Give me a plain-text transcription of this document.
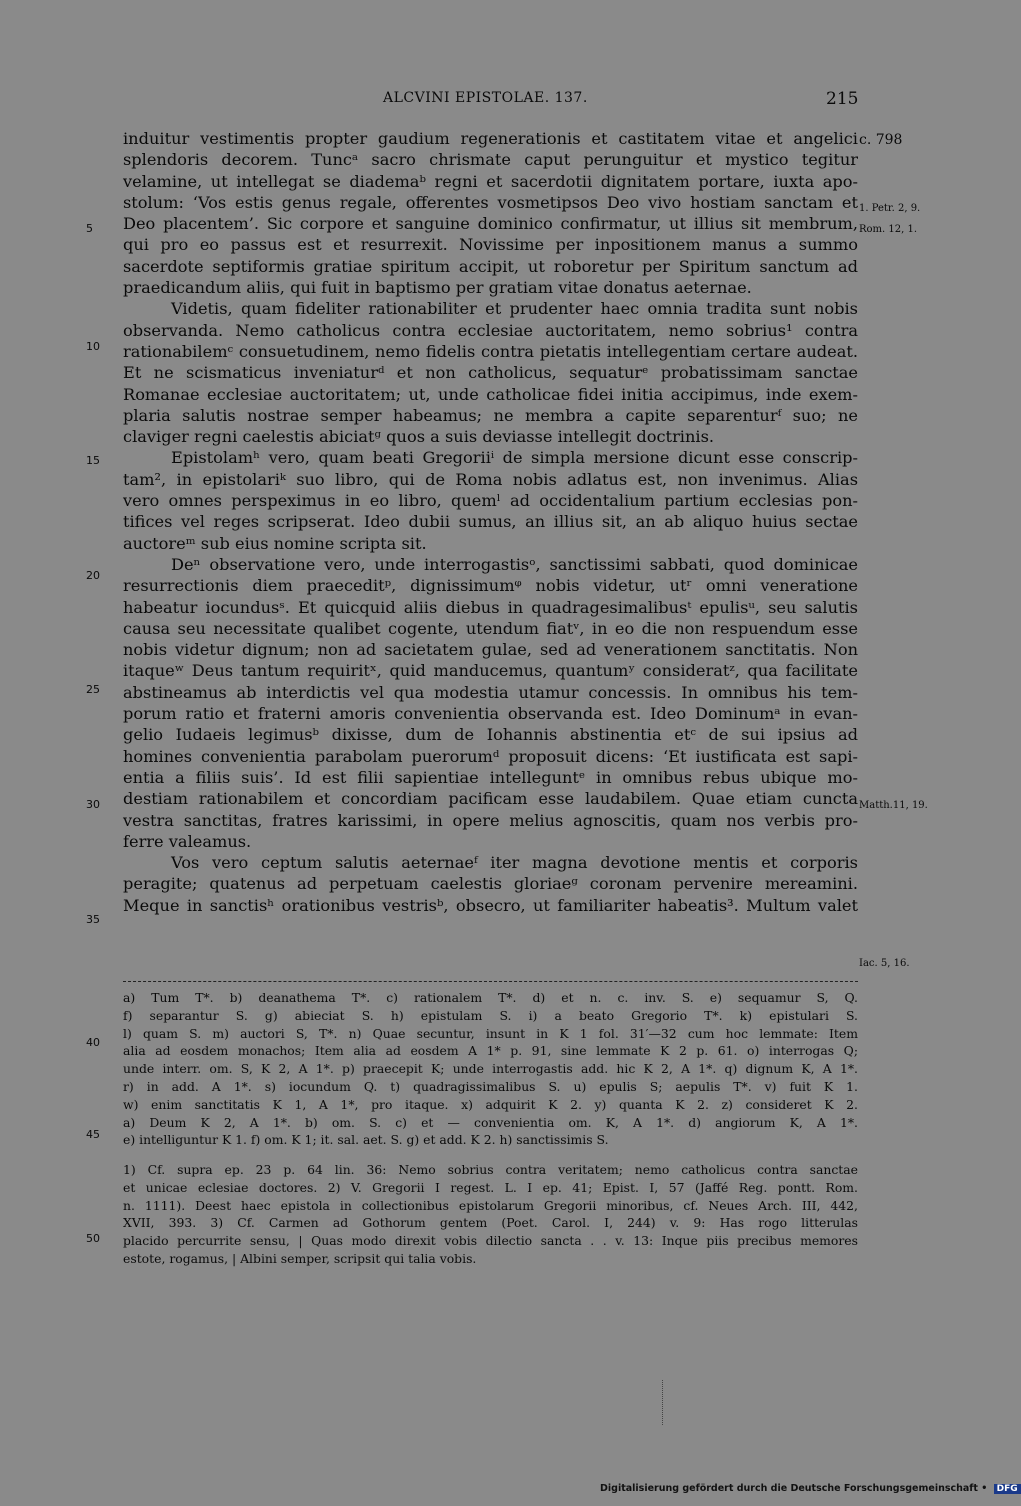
ALCVINI EPISTOLAE. 137.	215
5
10
15
20
25
30
35
40
45
50
c. 798
1. Petr. 2, 9.
Rom. 12, 1.
Matth.11, 19.
Iac. 5, 16.
induitur vestimentis propter gaudium regenerationis et castitatem vitae et angelici
splendoris decorem. Tuncᵃ sacro chrismate caput perunguitur et mystico tegitur
velamine, ut intellegat se diademaᵇ regni et sacerdotii dignitatem portare, iuxta apo-
stolum: ‘Vos estis genus regale, offerentes vosmetipsos Deo vivo hostiam sanctam et
Deo placentem’. Sic corpore et sanguine dominico confirmatur, ut illius sit membrum,
qui pro eo passus est et resurrexit. Novissime per inpositionem manus a summo
sacerdote septiformis gratiae spiritum accipit, ut roboretur per Spiritum sanctum ad
praedicandum aliis, qui fuit in baptismo per gratiam vitae donatus aeternae.
Videtis, quam fideliter rationabiliter et prudenter haec omnia tradita sunt nobis
observanda. Nemo catholicus contra ecclesiae auctoritatem, nemo sobrius¹ contra
rationabilemᶜ consuetudinem, nemo fidelis contra pietatis intellegentiam certare audeat.
Et ne scismaticus inveniaturᵈ et non catholicus, sequaturᵉ probatissimam sanctae
Romanae ecclesiae auctoritatem; ut, unde catholicae fidei initia accipimus, inde exem-
plaria salutis nostrae semper habeamus; ne membra a capite separenturᶠ suo; ne
claviger regni caelestis abiciatᵍ quos a suis deviasse intellegit doctrinis.
Epistolamʰ vero, quam beati Gregoriiⁱ de simpla mersione dicunt esse conscrip-
tam², in epistolariᵏ suo libro, qui de Roma nobis adlatus est, non invenimus. Alias
vero omnes perspeximus in eo libro, quemˡ ad occidentalium partium ecclesias pon-
tifices vel reges scripserat. Ideo dubii sumus, an illius sit, an ab aliquo huius sectae
auctoreᵐ sub eius nomine scripta sit.
Deⁿ observatione vero, unde interrogastisᵒ, sanctissimi sabbati, quod dominicae
resurrectionis diem praeceditᵖ, dignissimumᵠ nobis videtur, utʳ omni veneratione
habeatur iocundusˢ. Et quicquid aliis diebus in quadragesimalibusᵗ epulisᵘ, seu salutis
causa seu necessitate qualibet cogente, utendum fiatᵛ, in eo die non respuendum esse
nobis videtur dignum; non ad sacietatem gulae, sed ad venerationem sanctitatis. Non
itaqueʷ Deus tantum requiritˣ, quid manducemus, quantumʸ consideratᶻ, qua facilitate
abstineamus ab interdictis vel qua modestia utamur concessis. In omnibus his tem-
porum ratio et fraterni amoris convenientia observanda est. Ideo Dominumᵃ in evan-
gelio Iudaeis legimusᵇ dixisse, dum de Iohannis abstinentia etᶜ de sui ipsius ad
homines convenientia parabolam puerorumᵈ proposuit dicens: ‘Et iustificata est sapi-
entia a filiis suis’. Id est filii sapientiae intelleguntᵉ in omnibus rebus ubique mo-
destiam rationabilem et concordiam pacificam esse laudabilem. Quae etiam cuncta
vestra sanctitas, fratres karissimi, in opere melius agnoscitis, quam nos verbis pro-
ferre valeamus.
Vos vero ceptum salutis aeternaeᶠ iter magna devotione mentis et corporis
peragite; quatenus ad perpetuam caelestis gloriaeᵍ coronam pervenire mereamini.
Meque in sanctisʰ orationibus vestrisᵇ, obsecro, ut familiariter habeatis³. Multum valet
a) Tum T*. b) deanathema T*. c) rationalem T*. d) et n. c. inv. S. e) sequamur S, Q.
f) separantur S. g) abieciat S. h) epistulam S. i) a beato Gregorio T*. k) epistulari S.
l) quam S. m) auctori S, T*. n) Quae secuntur, insunt in K 1 fol. 31′—32 cum hoc lemmate: Item
alia ad eosdem monachos; Item alia ad eosdem A 1* p. 91, sine lemmate K 2 p. 61. o) interrogas Q;
unde interr. om. S, K 2, A 1*. p) praecepit K; unde interrogastis add. hic K 2, A 1*. q) dignum K, A 1*.
r) in add. A 1*. s) iocundum Q. t) quadragissimalibus S. u) epulis S; aepulis T*. v) fuit K 1.
w) enim sanctitatis K 1, A 1*, pro itaque. x) adquirit K 2. y) quanta K 2. z) consideret K 2.
a) Deum K 2, A 1*. b) om. S. c) et — convenientia om. K, A 1*. d) angiorum K, A 1*.
e) intelliguntur K 1. f) om. K 1; it. sal. aet. S. g) et add. K 2. h) sanctissimis S.
1) Cf. supra ep. 23 p. 64 lin. 36: Nemo sobrius contra veritatem; nemo catholicus contra sanctae
et unicae eclesiae doctores. 2) V. Gregorii I regest. L. I ep. 41; Epist. I, 57 (Jaffé Reg. pontt. Rom.
n. 1111). Deest haec epistola in collectionibus epistolarum Gregorii minoribus, cf. Neues Arch. III, 442,
XVII, 393. 3) Cf. Carmen ad Gothorum gentem (Poet. Carol. I, 244) v. 9: Has rogo litterulas
placido percurrite sensu, | Quas modo direxit vobis dilectio sancta . . v. 13: Inque piis precibus memores
estote, rogamus, | Albini semper, scripsit qui talia vobis.
Digitalisierung gefördert durch die Deutsche Forschungsgemeinschaft • DFG
